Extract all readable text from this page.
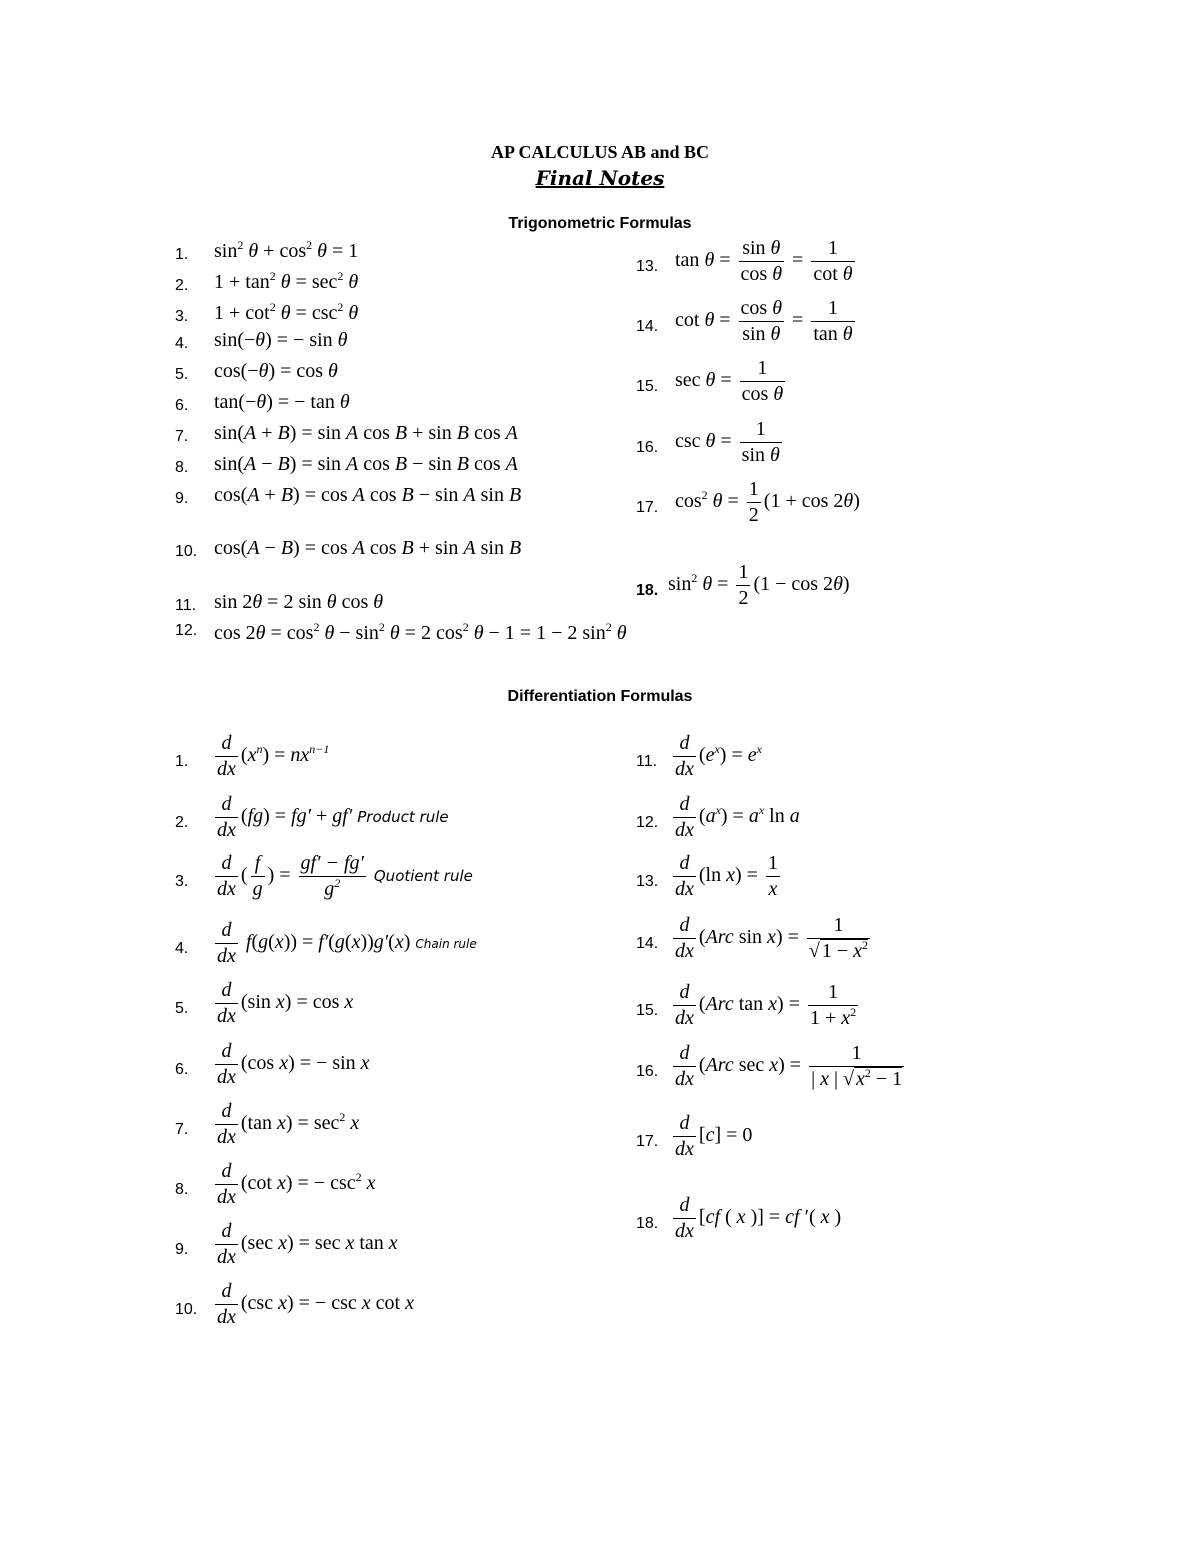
AP CALCULUS AB and BC
Final Notes
Trigonometric Formulas
1. $\sin^2 \theta + \cos^2 \theta = 1$
2. $1 + \tan^2 \theta = \sec^2 \theta$
3. $1 + \cot^2 \theta = \csc^2 \theta$
4. sin(−θ) = − sin θ
5. cos(−θ) = cos θ
6. tan(−θ) = − tan θ
7. sin(A + B) = sin A cos B + sin B cos A
8. sin(A − B) = sin A cos B − sin B cos A
9. cos(A + B) = cos A cos B − sin A sin B
10. cos(A − B) = cos A cos B + sin A sin B
11. sin 2θ = 2 sin θ cos θ
12. $\cos 2\theta = \cos^2 \theta - \sin^2 \theta = 2$ $\cos^2 \theta - 1 = 1 - 2$ $\sin^2 \theta$
13. $\tan \theta = \frac{\text{sin θ}}{\text{cos θ}} = \frac{1}{\text{cot θ}}$
14. $\cot \theta = \frac{\text{cos θ}}{\text{sin θ}} = \frac{1}{\text{tan θ}}$
15. $\sec \theta = \frac{1}{\text{cos θ}}$
16. $\csc \theta = \frac{1}{\text{sin θ}}$
17. $\cos^2 \theta = \frac{1}{2} (1 + \cos 2\theta)$
18. $\sin^2 \theta = \frac{1}{2} (1 - \cos 2\theta)$
Differentiation Formulas
1. $\frac{d}{dx} (x^n) = nx^{n-1}$
2. $\frac{d}{dx} (fg) = fg' + gf'$ Product rule
3. $\frac{d}{dx}$ ( $\frac{f}{g}$ ) = $\frac{gf' - fg'}{g^2}$ Quotient rule
4. $\frac{d}{dx} f(g(x)) = f'(g(x))g'(x)$ Chain rule
5. $\frac{d}{dx} (\sin$ x) = cos x
6. $\frac{d}{dx} (\cos$ x) = − sin x
7. $\frac{d}{dx} (\tan$ $x) = \sec^2 x$
8. $\frac{d}{dx} (\cot$ x) = − $\csc^2 x$
9. $\frac{d}{dx} (\sec$ x) = sec x tan x
10. $\frac{d}{dx} (\csc$ x) = − csc x cot x
11. $\frac{d}{dx} (e^x) = e^x$
12. $\frac{d}{dx} (a^x) = a^x$ ln a
13. $\frac{d}{dx} (\ln$ $x) = \frac{1}{x}$
14. $\frac{d}{dx} (Arc$ $\sin x) = \frac{1}{√ 1 - x^2}$
15. $\frac{d}{dx} (Arc$ $\tan x) = \frac{1}{1 + x^2}$
16. $\frac{d}{dx} (Arc$ $\sec x) = \frac{1}{| x | √ x^2 - 1}$
17. $\frac{d}{dx} [c] = 0$
18. $\frac{d}{dx} [cf$ ( x )] = cf ′( x )
